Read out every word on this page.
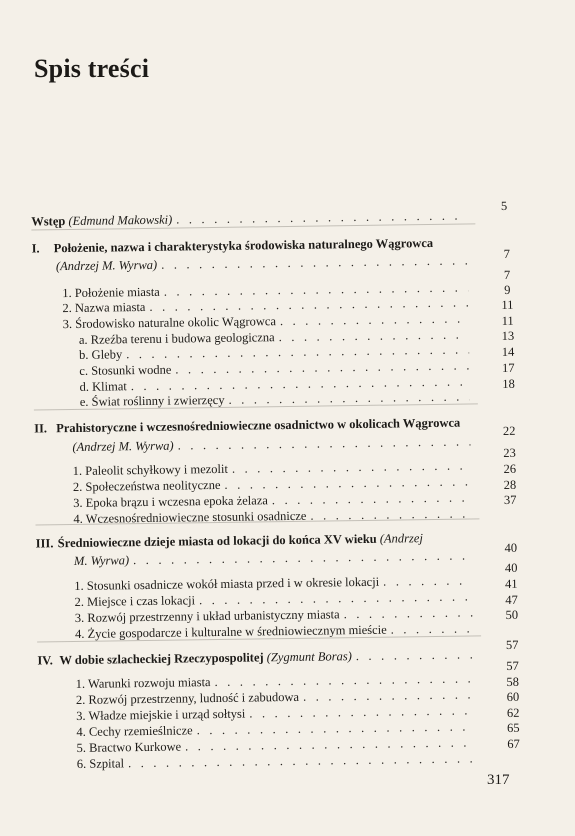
Spis treści
Wstęp (Edmund Makowski)
. . .
5
I. Położenie, nazwa i charakterystyka środowiska naturalnego Wągrowca
(Andrzej M. Wyrwa)
. . .
7
1. Położenie miasta
. . .
7
2. Nazwa miasta
. . .
9
3. Środowisko naturalne okolic Wągrowca
. . .
11
a. Rzeźba terenu i budowa geologiczna
. . .
11
b. Gleby
. . .
13
c. Stosunki wodne
. . .
14
d. Klimat
. . .
17
e. Świat roślinny i zwierzęcy
. . .
18
II. Prahistoryczne i wczesnośredniowieczne osadnictwo w okolicach Wągrowca
(Andrzej M. Wyrwa)
. . .
22
1. Paleolit schyłkowy i mezolit
. . .
23
2. Społeczeństwa neolityczne
. . .
26
3. Epoka brązu i wczesna epoka żelaza
. . .
28
4. Wczesnośredniowieczne stosunki osadnicze
. . .
37
III. Średniowieczne dzieje miasta od lokacji do końca XV wieku (Andrzej
M. Wyrwa)
. . .
40
1. Stosunki osadnicze wokół miasta przed i w okresie lokacji
. . .
40
2. Miejsce i czas lokacji
. . .
41
3. Rozwój przestrzenny i układ urbanistyczny miasta
. . .
47
4. Życie gospodarcze i kulturalne w średniowiecznym mieście
. . .
50
IV. W dobie szlacheckiej Rzeczypospolitej (Zygmunt Boras)
. . .
57
1. Warunki rozwoju miasta
. . .
57
2. Rozwój przestrzenny, ludność i zabudowa
. . .
58
3. Władze miejskie i urząd sołtysi
. . .
60
4. Cechy rzemieślnicze
. . .
62
5. Bractwo Kurkowe
. . .
65
6. Szpital
. . .
67
317
